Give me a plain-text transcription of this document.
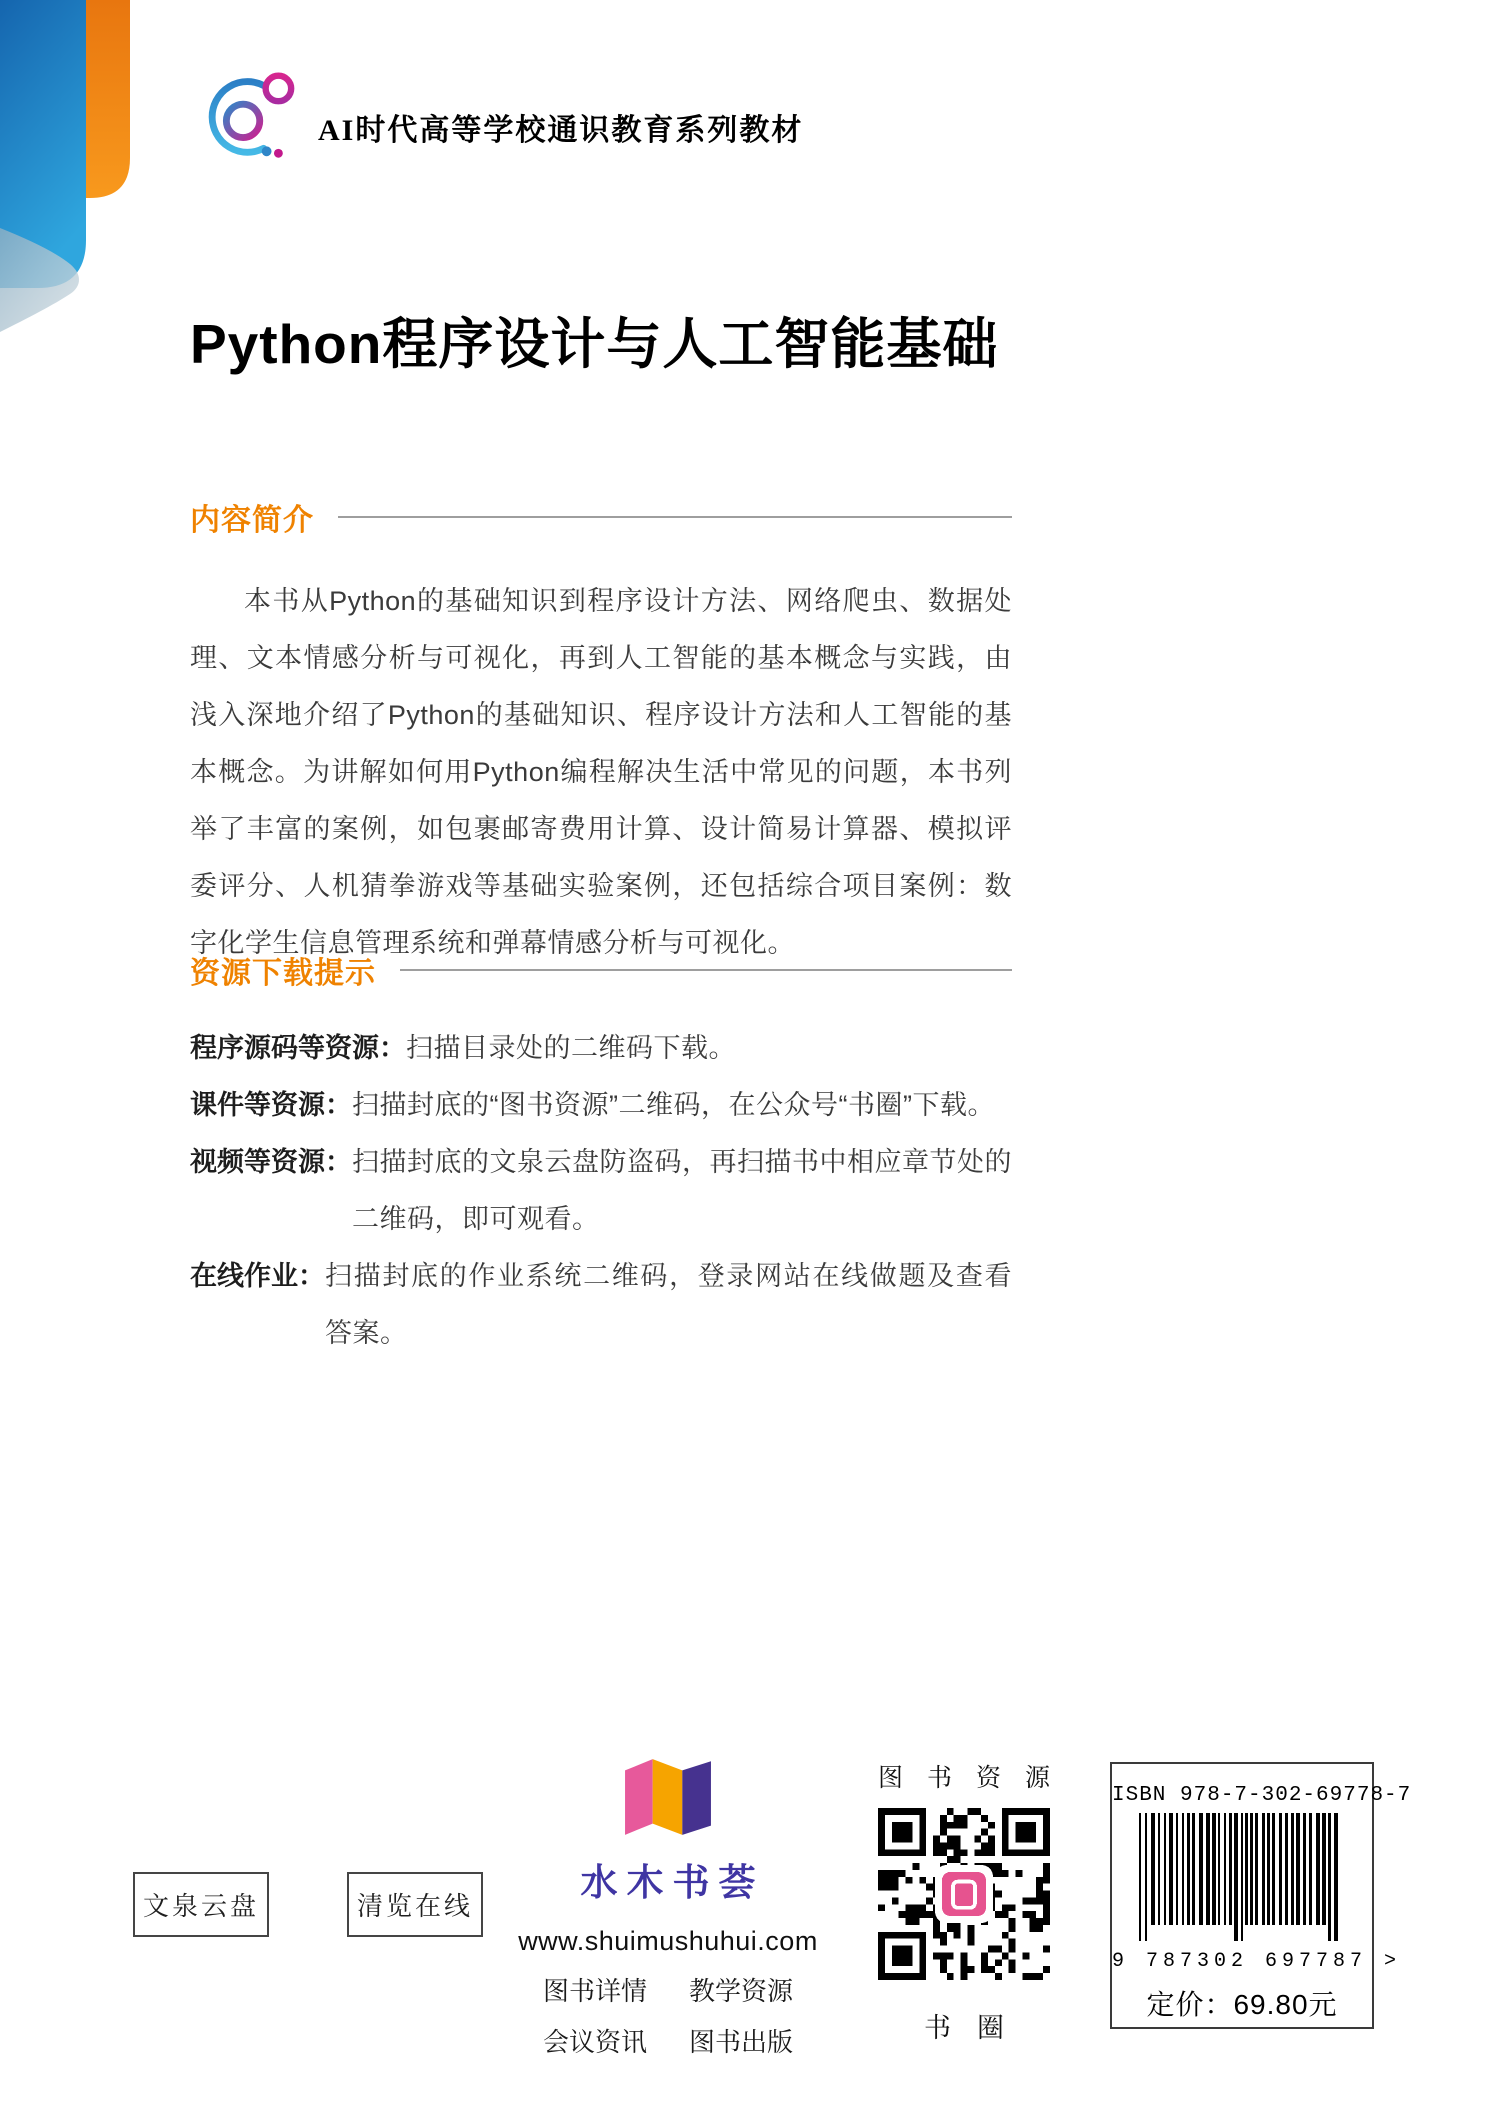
AI时代高等学校通识教育系列教材
Python程序设计与人工智能基础
内容简介

本书从Python的基础知识到程序设计方法、网络爬虫、数据处理、文本情感分析与可视化，再到人工智能的基本概念与实践，由浅入深地介绍了Python的基础知识、程序设计方法和人工智能的基本概念。为讲解如何用Python编程解决生活中常见的问题，本书列举了丰富的案例，如包裹邮寄费用计算、设计简易计算器、模拟评委评分、人机猜拳游戏等基础实验案例，还包括综合项目案例：数字化学生信息管理系统和弹幕情感分析与可视化。

资源下载提示
程序源码等资源： 扫描目录处的二维码下载。
课件等资源： 扫描封底的“图书资源”二维码，在公众号“书圈”下载。
视频等资源： 扫描封底的文泉云盘防盗码，再扫描书中相应章节处的二维码，即可观看。
在线作业： 扫描封底的作业系统二维码，登录网站在线做题及查看答案。
文泉云盘	清览在线
水木书荟
www.shuimushuhui.com
图书详情 教学资源
会议资讯 图书出版
图书资源
书圈
ISBN 978-7-302-69778-7
9 787302 697787 >
定价：69.80元
